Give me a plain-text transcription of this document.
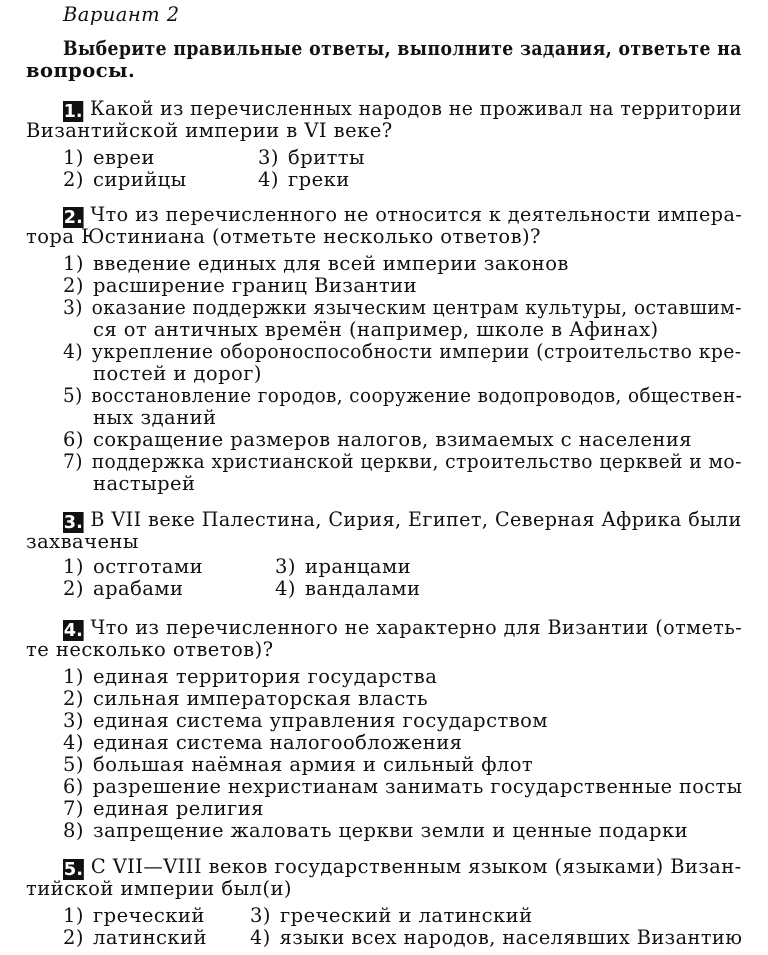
Вариант 2
Выберите правильные ответы, выполните задания, ответьте на
вопросы.
1. Какой из перечисленных народов не проживал на территории
Византийской империи в VI веке?
1) евреи	3) бритты
2) сирийцы	4) греки
2. Что из перечисленного не относится к деятельности импера-
тора Юстиниана (отметьте несколько ответов)?
1) введение единых для всей империи законов
2) расширение границ Византии
3) оказание поддержки языческим центрам культуры, оставшим-
ся от античных времён (например, школе в Афинах)
4) укрепление обороноспособности империи (строительство кре-
постей и дорог)
5) восстановление городов, сооружение водопроводов, обществен-
ных зданий
6) сокращение размеров налогов, взимаемых с населения
7) поддержка христианской церкви, строительство церквей и мо-
настырей
3. В VII веке Палестина, Сирия, Египет, Северная Африка были
захвачены
1) остготами	3) иранцами
2) арабами	4) вандалами
4. Что из перечисленного не характерно для Византии (отметь-
те несколько ответов)?
1) единая территория государства
2) сильная императорская власть
3) единая система управления государством
4) единая система налогообложения
5) большая наёмная армия и сильный флот
6) разрешение нехристианам занимать государственные посты
7) единая религия
8) запрещение жаловать церкви земли и ценные подарки
5. С VII—VIII веков государственным языком (языками) Визан-
тийской империи был(и)
1) греческий 3) греческий и латинский
2) латинский 4) языки всех народов, населявших Византию
